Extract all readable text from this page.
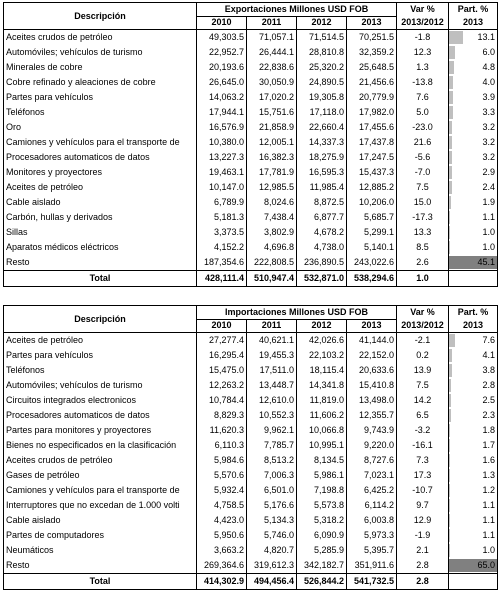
Descripción	Exportaciones Millones USD FOB				Var %	Part. %
	2010	2011	2012	2013	2013/2012	2013
Aceites crudos de petróleo	49,303.5	71,057.1	71,514.5	70,251.5	-1.8	13.1

Automóviles; vehículos de turismo	22,952.7	26,444.1	28,810.8	32,359.2	12.3	6.0

Minerales de cobre	20,193.6	22,838.6	25,320.2	25,648.5	1.3	4.8

Cobre refinado y aleaciones de cobre	26,645.0	30,050.9	24,890.5	21,456.6	-13.8	4.0

Partes para vehículos	14,063.2	17,020.2	19,305.8	20,779.9	7.6	3.9

Teléfonos	17,944.1	15,751.6	17,118.0	17,982.0	5.0	3.3

Oro	16,576.9	21,858.9	22,660.4	17,455.6	-23.0	3.2

Camiones y vehículos para el transporte de	10,380.0	12,005.1	14,337.3	17,437.8	21.6	3.2

Procesadores automaticos de datos	13,227.3	16,382.3	18,275.9	17,247.5	-5.6	3.2

Monitores y proyectores	19,463.1	17,781.9	16,595.3	15,437.3	-7.0	2.9

Aceites de petróleo	10,147.0	12,985.5	11,985.4	12,885.2	7.5	2.4

Cable aislado	6,789.9	8,024.6	8,872.5	10,206.0	15.0	1.9

Carbón, hullas y derivados	5,181.3	7,438.4	6,877.7	5,685.7	-17.3	1.1

Sillas	3,373.5	3,802.9	4,678.2	5,299.1	13.3	1.0

Aparatos médicos eléctricos	4,152.2	4,696.8	4,738.0	5,140.1	8.5	1.0

Resto	187,354.6	222,808.5	236,890.5	243,022.6	2.6	45.1

Total	428,111.4	510,947.4	532,871.0	538,294.6	1.0	
Descripción	Importaciones Millones USD FOB				Var %	Part. %
	2010	2011	2012	2013	2013/2012	2013
Aceites de petróleo	27,277.4	40,621.1	42,026.6	41,144.0	-2.1	7.6

Partes para vehículos	16,295.4	19,455.3	22,103.2	22,152.0	0.2	4.1

Teléfonos	15,475.0	17,511.0	18,115.4	20,633.6	13.9	3.8

Automóviles; vehículos de turismo	12,263.2	13,448.7	14,341.8	15,410.8	7.5	2.8

Circuitos integrados electronicos	10,784.4	12,610.0	11,819.0	13,498.0	14.2	2.5

Procesadores automaticos de datos	8,829.3	10,552.3	11,606.2	12,355.7	6.5	2.3

Partes para monitores y proyectores	11,620.3	9,962.1	10,066.8	9,743.9	-3.2	1.8

Bienes no especificados en la clasificación	6,110.3	7,785.7	10,995.1	9,220.0	-16.1	1.7

Aceites crudos de petróleo	5,984.6	8,513.2	8,134.5	8,727.6	7.3	1.6

Gases de petróleo	5,570.6	7,006.3	5,986.1	7,023.1	17.3	1.3

Camiones y vehículos para el transporte de	5,932.4	6,501.0	7,198.8	6,425.2	-10.7	1.2

Interruptores que no excedan de 1.000 volti	4,758.5	5,176.6	5,573.8	6,114.2	9.7	1.1

Cable aislado	4,423.0	5,134.3	5,318.2	6,003.8	12.9	1.1

Partes de computadores	5,950.6	5,746.0	6,090.9	5,973.3	-1.9	1.1

Neumáticos	3,663.2	4,820.7	5,285.9	5,395.7	2.1	1.0

Resto	269,364.6	319,612.3	342,182.7	351,911.6	2.8	65.0

Total	414,302.9	494,456.4	526,844.2	541,732.5	2.8	
